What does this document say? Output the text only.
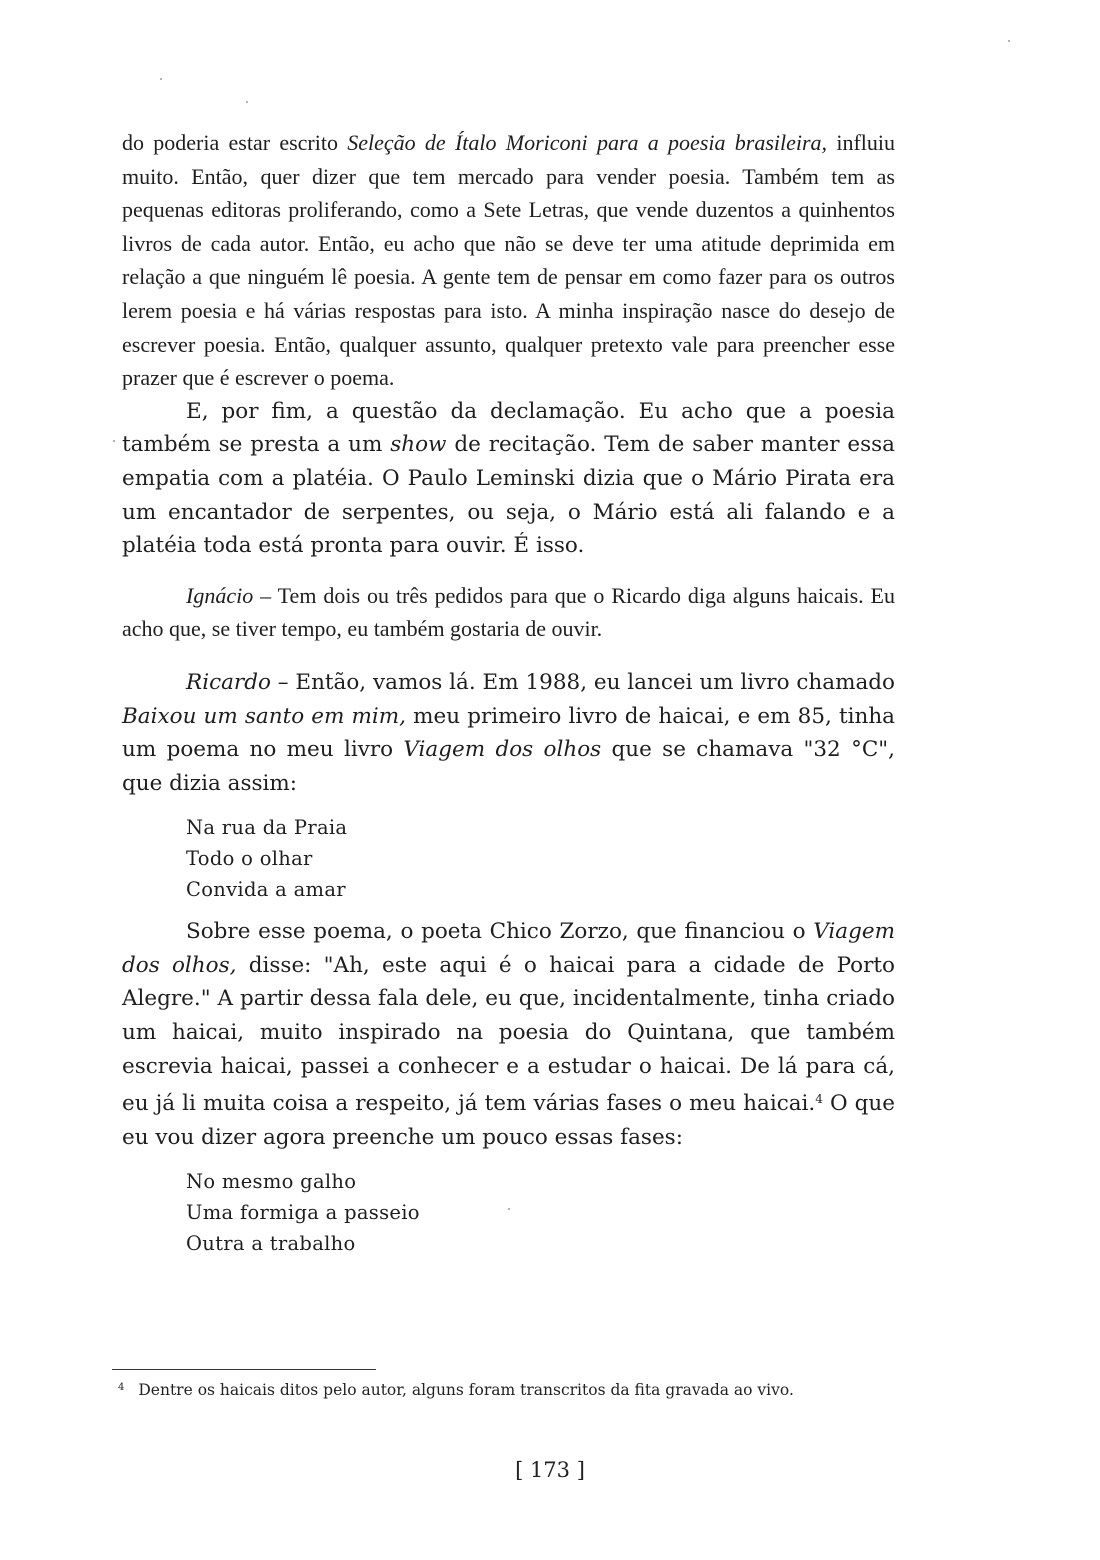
do poderia estar escrito Seleção de Ítalo Moriconi para a poesia brasileira, influiu muito. Então, quer dizer que tem mercado para vender poesia. Também tem as pequenas editoras proliferando, como a Sete Letras, que vende duzentos a quinhentos livros de cada autor. Então, eu acho que não se deve ter uma atitude deprimida em relação a que ninguém lê poesia. A gente tem de pensar em como fazer para os outros lerem poesia e há várias respostas para isto. A minha inspiração nasce do desejo de escrever poesia. Então, qualquer assunto, qualquer pretexto vale para preencher esse prazer que é escrever o poema.

E, por fim, a questão da declamação. Eu acho que a poesia também se presta a um show de recitação. Tem de saber manter essa empatia com a platéia. O Paulo Leminski dizia que o Mário Pirata era um encantador de serpentes, ou seja, o Mário está ali falando e a platéia toda está pronta para ouvir. É isso.

Ignácio – Tem dois ou três pedidos para que o Ricardo diga alguns haicais. Eu acho que, se tiver tempo, eu também gostaria de ouvir.

Ricardo – Então, vamos lá. Em 1988, eu lancei um livro chamado Baixou um santo em mim, meu primeiro livro de haicai, e em 85, tinha um poema no meu livro Viagem dos olhos que se chamava "32 °C", que dizia assim:

Na rua da Praia
Todo o olhar
Convida a amar

Sobre esse poema, o poeta Chico Zorzo, que financiou o Viagem dos olhos, disse: "Ah, este aqui é o haicai para a cidade de Porto Alegre." A partir dessa fala dele, eu que, incidentalmente, tinha criado um haicai, muito inspirado na poesia do Quintana, que também escrevia haicai, passei a conhecer e a estudar o haicai. De lá para cá, eu já li muita coisa a respeito, já tem várias fases o meu haicai.$^4$ O que eu vou dizer agora preenche um pouco essas fases:

No mesmo galho
Uma formiga a passeio
Outra a trabalho
$^4$ Dentre os haicais ditos pelo autor, alguns foram transcritos da fita gravada ao vivo.
[ 173 ]
